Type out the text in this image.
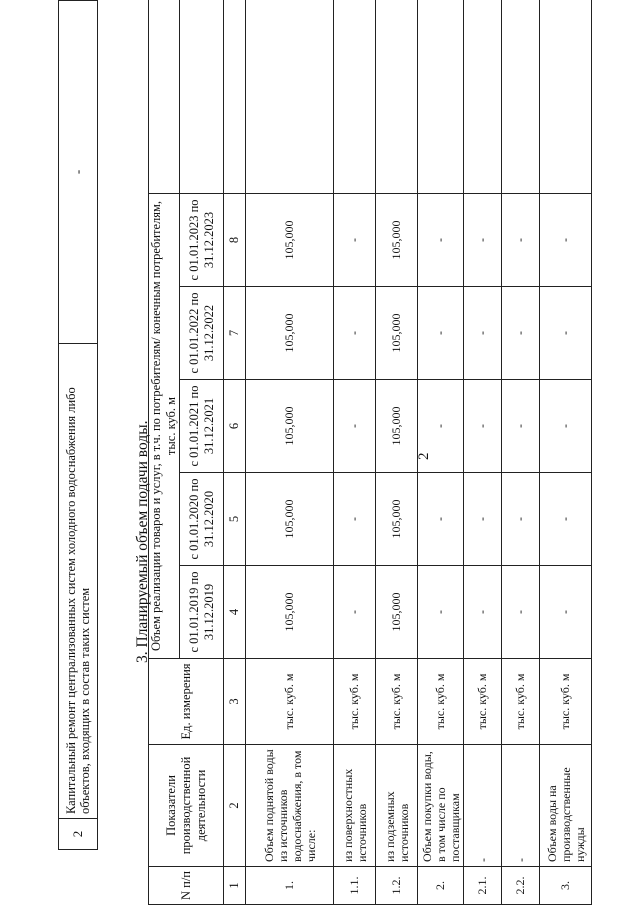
2
2	Капитальный ремонт централизованных систем холодного водоснабжения либо объектов, входящих в состав таких систем	-
3. Планируемый объем подачи воды.
N п/п	Показатели производственной деятельности	Ед. измерения	Объем реализации товаров и услуг, в т.ч. по потребителям/ конечным потребителям, тыс. куб. м					
			с 01.01.2019 по 31.12.2019	с 01.01.2020 по 31.12.2020	с 01.01.2021 по 31.12.2021	с 01.01.2022 по 31.12.2022	с 01.01.2023 по 31.12.2023	
1	2	3	4	5	6	7	8	
1.	Объем поднятой воды из источников водоснабжения, в том числе:	тыс. куб. м	105,000	105,000	105,000	105,000	105,000	
1.1.	из поверхностных источников	тыс. куб. м	-	-	-	-	-	
1.2.	из подземных источников	тыс. куб. м	105,000	105,000	105,000	105,000	105,000	
2.	Объем покупки воды, в том числе по поставщикам	тыс. куб. м	-	-	-	-	-	
2.1.	-	тыс. куб. м	-	-	-	-	-	
2.2.	-	тыс. куб. м	-	-	-	-	-	
3.	Объем воды на производственные нужды	тыс. куб. м	-	-	-	-	-	
